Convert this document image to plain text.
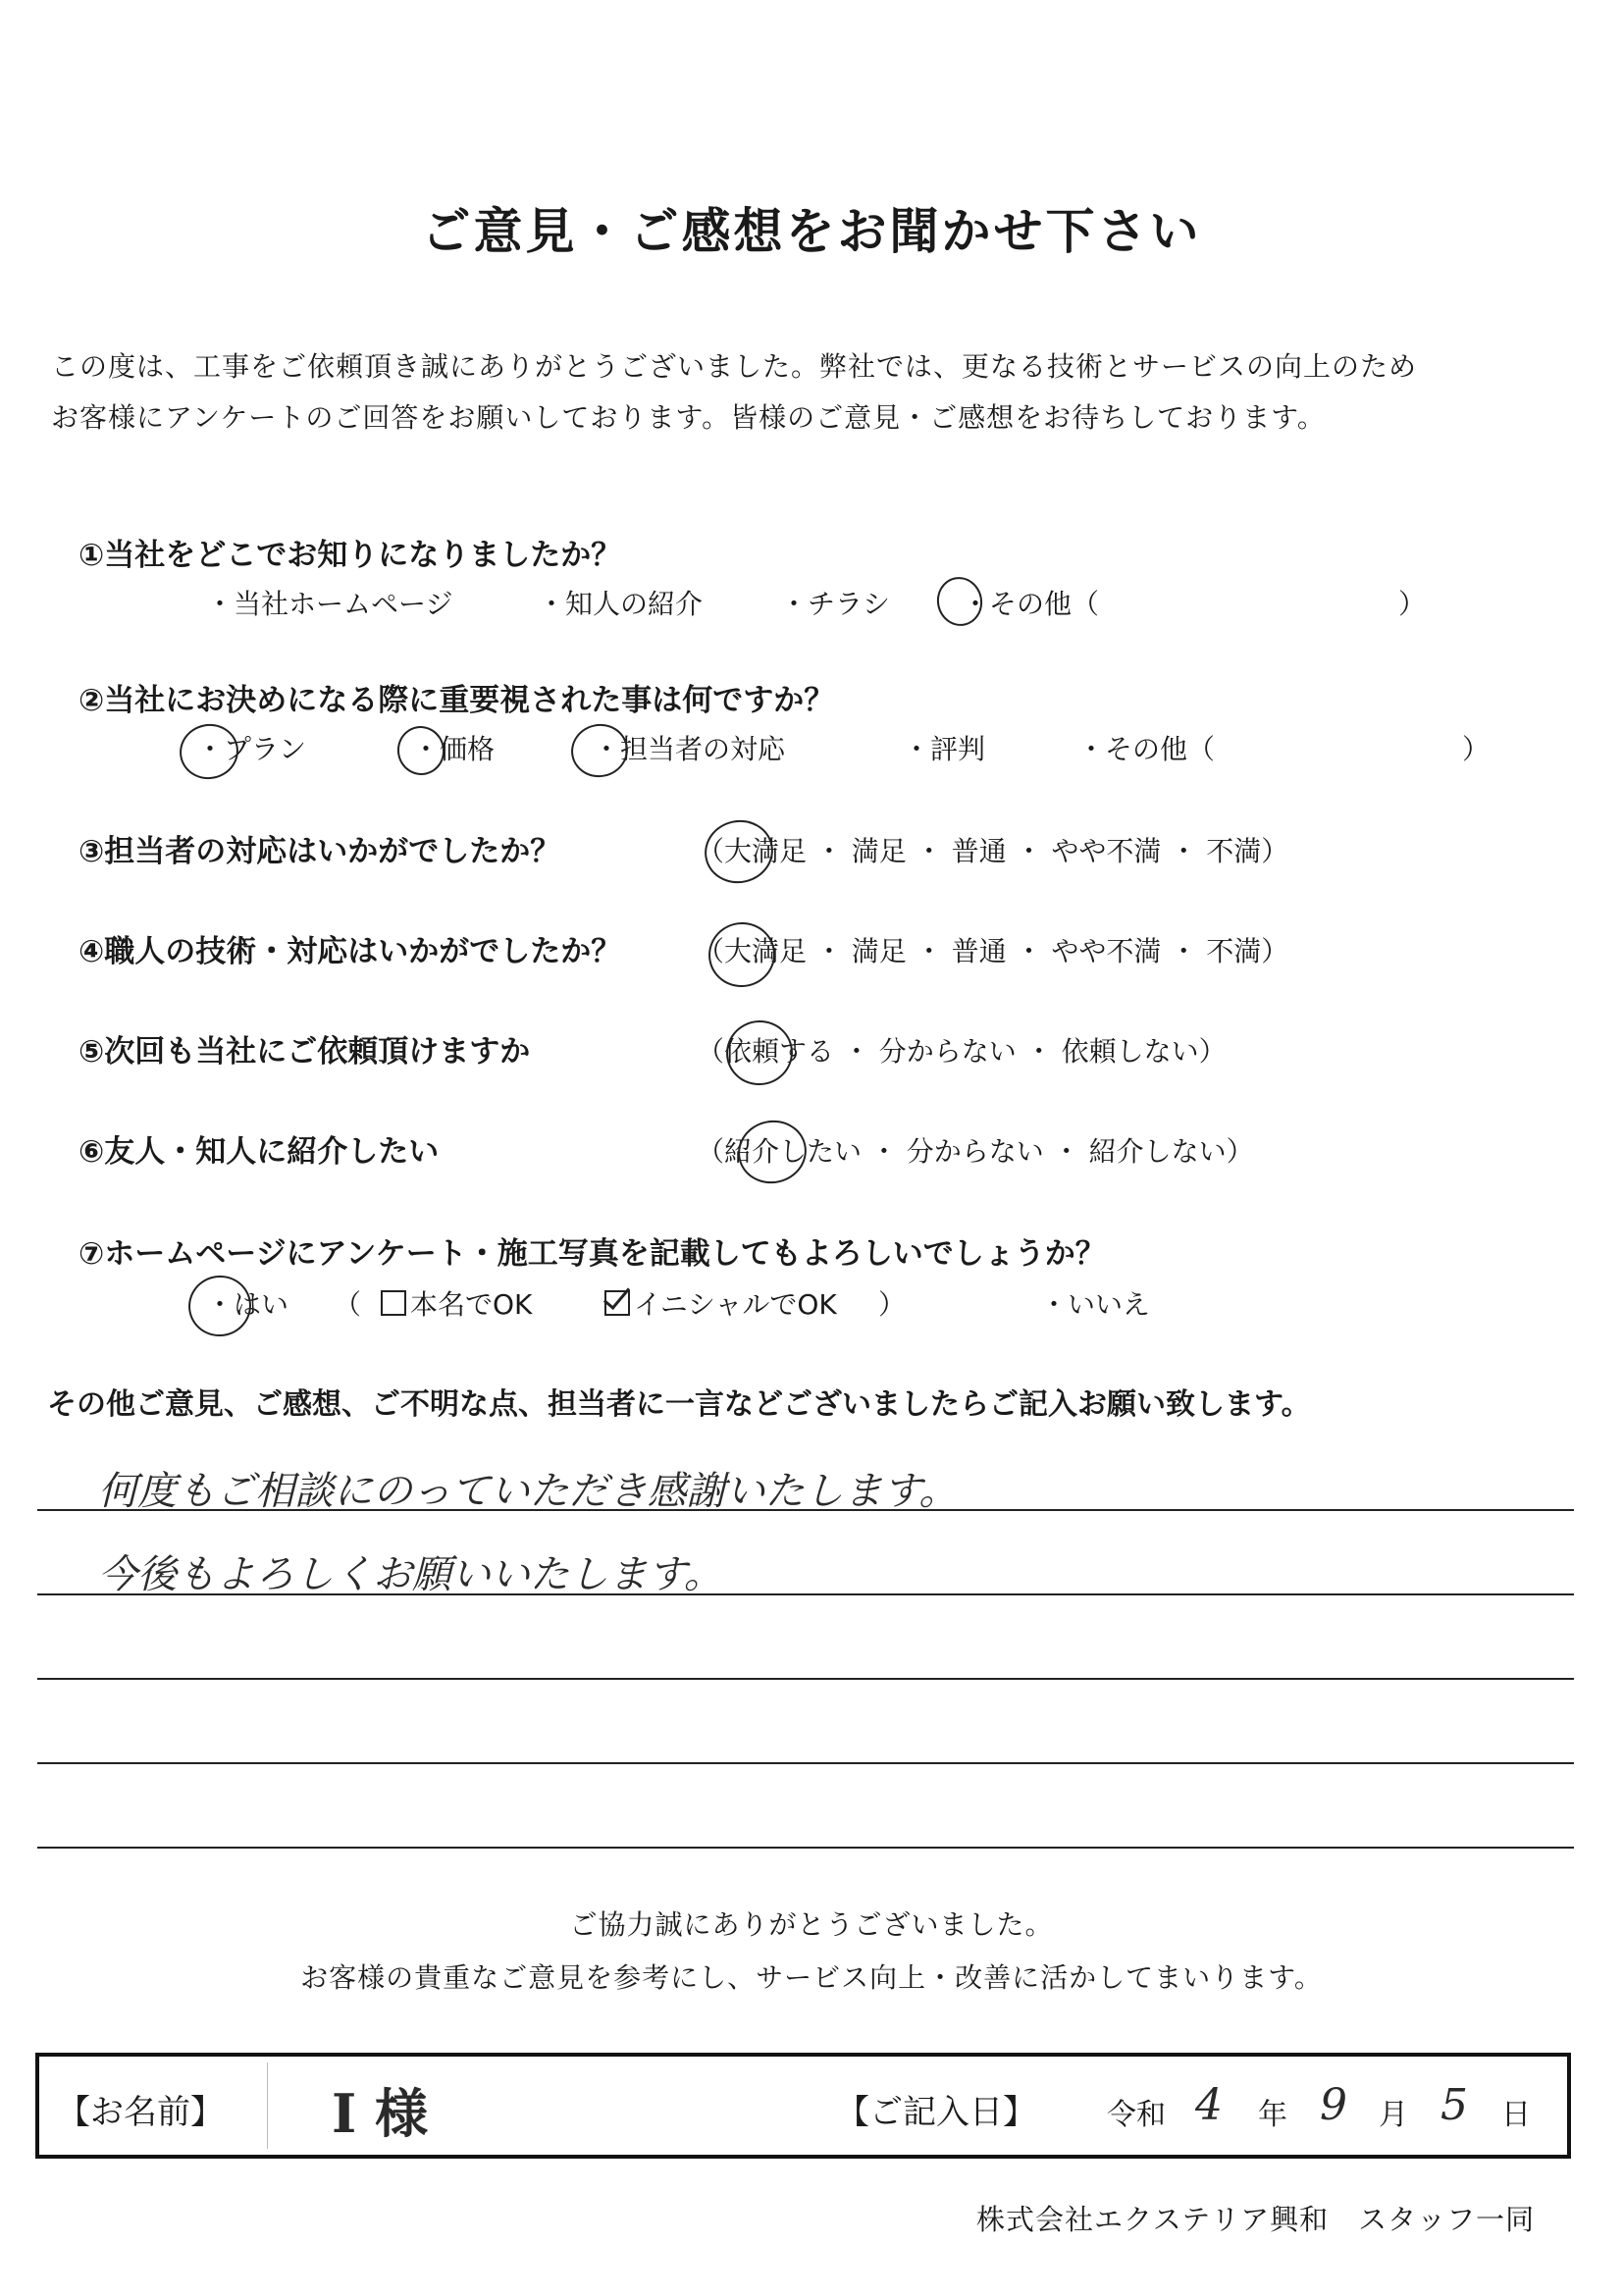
ご意見・ご感想をお聞かせ下さい
この度は、工事をご依頼頂き誠にありがとうございました。弊社では、更なる技術とサービスの向上のため
お客様にアンケートのご回答をお願いしております。皆様のご意見・ご感想をお待ちしております。
①当社をどこでお知りになりましたか？
・当社ホームページ	・知人の紹介	・チラシ	・その他（	）
②当社にお決めになる際に重要視された事は何ですか？
・プラン	・価格	・担当者の対応	・評判	・その他（	）
③担当者の対応はいかがでしたか？	（大満足 ・ 満足 ・ 普通 ・ やや不満 ・ 不満）
④職人の技術・対応はいかがでしたか？	（大満足 ・ 満足 ・ 普通 ・ やや不満 ・ 不満）
⑤次回も当社にご依頼頂けますか	（依頼する ・ 分からない ・ 依頼しない）
⑥友人・知人に紹介したい	（紹介したい ・ 分からない ・ 紹介しない）
⑦ホームページにアンケート・施工写真を記載してもよろしいでしょうか？
・はい （	本名でOK	イニシャルでOK ）	・いいえ
その他ご意見、ご感想、ご不明な点、担当者に一言などございましたらご記入お願い致します。
何度もご相談にのっていただき感謝いたします。
今後もよろしくお願いいたします。
ご協力誠にありがとうございました。
お客様の貴重なご意見を参考にし、サービス向上・改善に活かしてまいります。
【お名前】 I 様	【ご記入日】 令和 4 年 9 月 5 日
株式会社エクステリア興和　スタッフ一同
